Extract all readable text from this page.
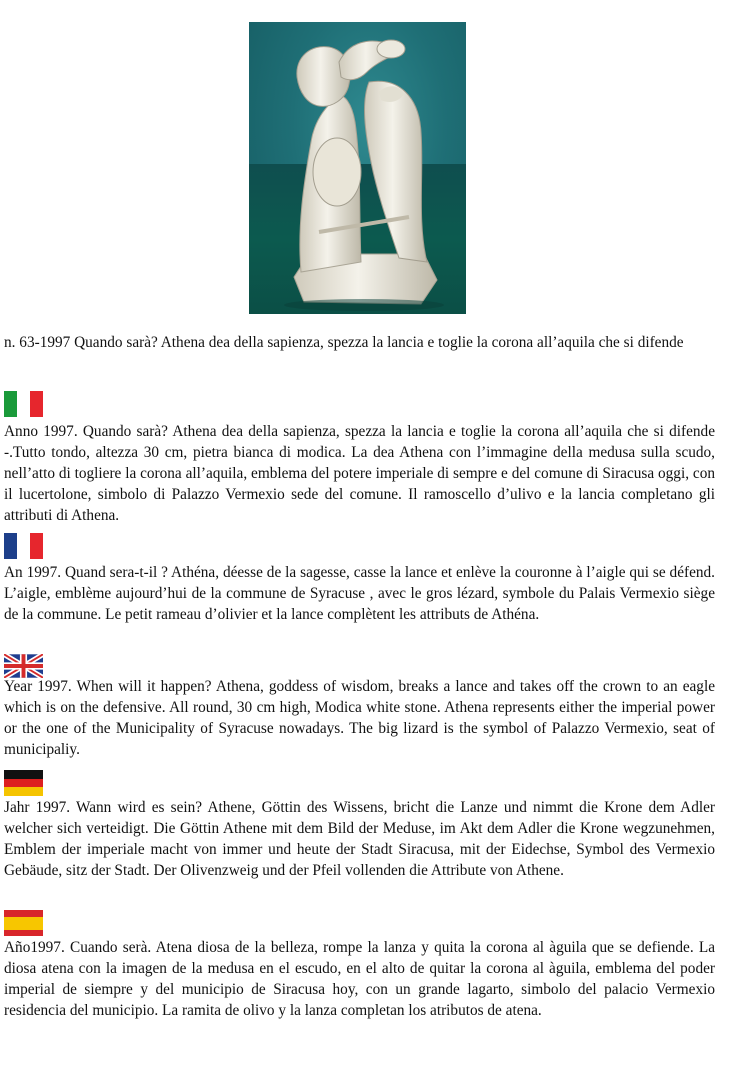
n. 63-1997 Quando sarà? Athena dea della sapienza, spezza la lancia e toglie la corona all’aquila che si difende

Anno 1997. Quando sarà? Athena dea della sapienza, spezza la lancia e toglie la corona all’aquila che si difende -.Tutto tondo, altezza 30 cm, pietra bianca di modica. La dea Athena con l’immagine della medusa sulla scudo, nell’atto di togliere la corona all’aquila, emblema del potere imperiale di sempre e del comune di Siracusa oggi, con il lucertolone, simbolo di Palazzo Vermexio sede del comune. Il ramoscello d’ulivo e la lancia completano gli attributi di Athena.

An 1997. Quand sera-t-il ? Athéna, déesse de la sagesse, casse la lance et enlève la couronne à l’aigle qui se défend. L’aigle, emblème aujourd’hui de la commune de Syracuse , avec le gros lézard, symbole du Palais Vermexio siège de la commune. Le petit rameau d’olivier et la lance complètent les attributs de Athéna.

Year 1997. When will it happen? Athena, goddess of wisdom, breaks a lance and takes off the crown to an eagle which is on the defensive. All round, 30 cm high, Modica white stone. Athena represents either the imperial power or the one of the Municipality of Syracuse nowadays. The big lizard is the symbol of Palazzo Vermexio, seat of municipaliy.

Jahr 1997. Wann wird es sein? Athene, Göttin des Wissens, bricht die Lanze und nimmt die Krone dem Adler welcher sich verteidigt. Die Göttin Athene mit dem Bild der Meduse, im Akt dem Adler die Krone wegzunehmen, Emblem der imperiale macht von immer und heute der Stadt Siracusa, mit der Eidechse, Symbol des Vermexio Gebäude, sitz der Stadt. Der Olivenzweig und der Pfeil vollenden die Attribute von Athene.

Año1997. Cuando serà. Atena diosa de la belleza, rompe la lanza y quita la corona al àguila que se defiende. La diosa atena con la imagen de la medusa en el escudo, en el alto de quitar la corona al àguila, emblema del poder imperial de siempre y del municipio de Siracusa hoy, con un grande lagarto, simbolo del palacio Vermexio residencia del municipio. La ramita de olivo y la lanza completan los atributos de atena.
